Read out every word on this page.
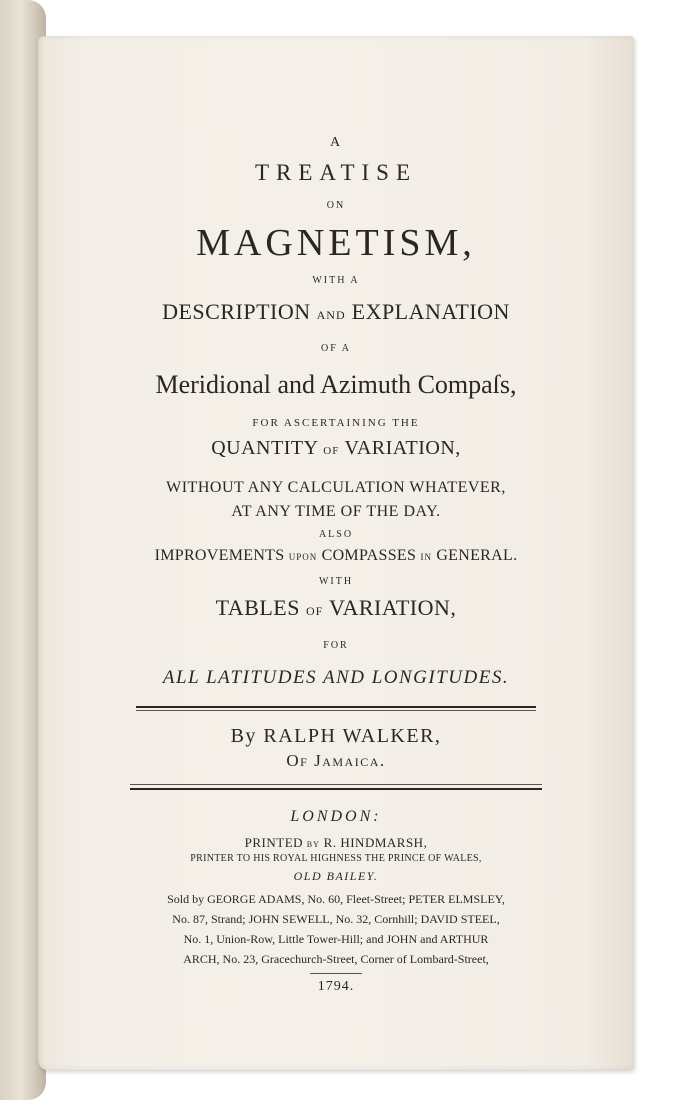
A

TREATISE

ON

MAGNETISM,

WITH A

DESCRIPTION AND EXPLANATION

OF A

Meridional and Azimuth Compaſs,

FOR ASCERTAINING THE

QUANTITY OF VARIATION,

WITHOUT ANY CALCULATION WHATEVER,

AT ANY TIME OF THE DAY.

ALSO

IMPROVEMENTS UPON COMPASSES IN GENERAL.

WITH

TABLES OF VARIATION,

FOR

ALL LATITUDES AND LONGITUDES.

By RALPH WALKER,

Of Jamaica.

LONDON:

PRINTED BY R. HINDMARSH,

PRINTER TO HIS ROYAL HIGHNESS THE PRINCE OF WALES,

OLD BAILEY.

Sold by GEORGE ADAMS, No. 60, Fleet-Street; PETER ELMSLEY,

No. 87, Strand; JOHN SEWELL, No. 32, Cornhill; DAVID STEEL,

No. 1, Union-Row, Little Tower-Hill; and JOHN and ARTHUR

ARCH, No. 23, Gracechurch-Street, Corner of Lombard-Street,

1794.
